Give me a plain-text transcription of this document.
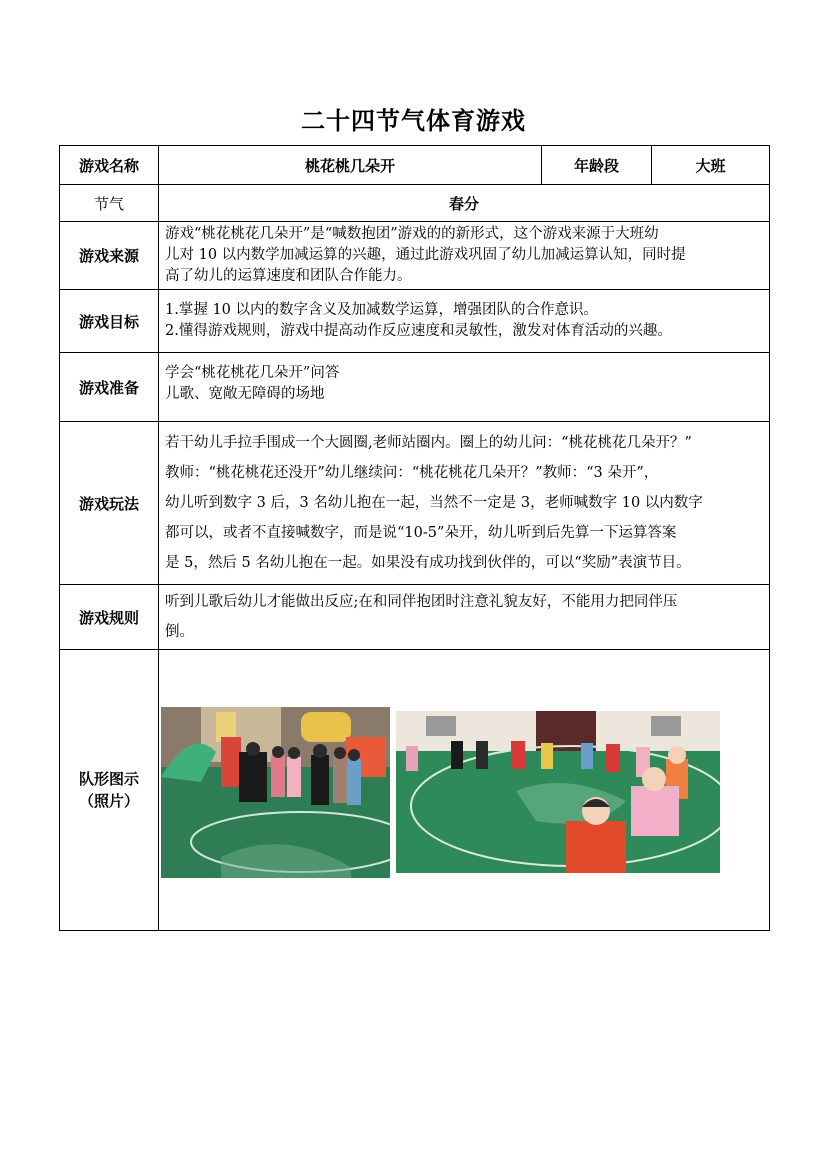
二十四节气体育游戏
游戏名称	桃花桃几朵开	年龄段	大班
节气	春分		
游戏来源	游戏“桃花桃花几朵开”是“喊数抱团”游戏的的新形式，这个游戏来源于大班幼
儿对 10 以内数学加减运算的兴趣，通过此游戏巩固了幼儿加减运算认知，同时提
高了幼儿的运算速度和团队合作能力。		

游戏目标	1.掌握 10 以内的数字含义及加减数学运算，增强团队的合作意识。
2.懂得游戏规则，游戏中提高动作反应速度和灵敏性，激发对体育活动的兴趣。		

游戏准备	学会“桃花桃花几朵开”问答
儿歌、宽敞无障碍的场地		

游戏玩法	若干幼儿手拉手围成一个大圆圈,老师站圈内。圈上的幼儿问：“桃花桃花几朵开？”
教师：“桃花桃花还没开”幼儿继续问：“桃花桃花几朵开？”教师：“3 朵开”，
幼儿听到数字 3 后，3 名幼儿抱在一起，当然不一定是 3，老师喊数字 10 以内数字
都可以，或者不直接喊数字，而是说“10-5”朵开，幼儿听到后先算一下运算答案
是 5，然后 5 名幼儿抱在一起。如果没有成功找到伙伴的，可以“奖励”表演节目。		

游戏规则	听到儿歌后幼儿才能做出反应;在和同伴抱团时注意礼貌友好，不能用力把同伴压
倒。		

队形图示
（照片）
